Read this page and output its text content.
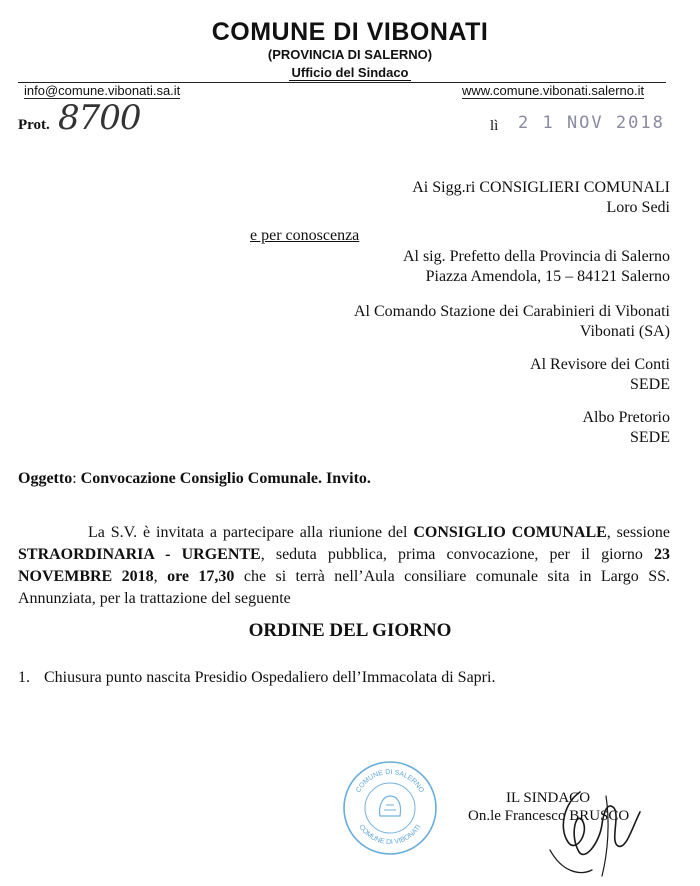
COMUNE DI VIBONATI
(PROVINCIA DI SALERNO)
Ufficio del Sindaco
info@comune.vibonati.sa.it	www.comune.vibonati.salerno.it
Prot. 8700	lì 2 1 NOV 2018
Ai Sigg.ri CONSIGLIERI COMUNALI
Loro Sedi
e per conoscenza
Al sig. Prefetto della Provincia di Salerno
Piazza Amendola, 15 – 84121 Salerno
Al Comando Stazione dei Carabinieri di Vibonati
Vibonati (SA)
Al Revisore dei Conti
SEDE
Albo Pretorio
SEDE
Oggetto: Convocazione Consiglio Comunale. Invito.
La S.V. è invitata a partecipare alla riunione del CONSIGLIO COMUNALE, sessione STRAORDINARIA - URGENTE, seduta pubblica, prima convocazione, per il giorno 23 NOVEMBRE 2018, ore 17,30 che si terrà nell’Aula consiliare comunale sita in Largo SS. Annunziata, per la trattazione del seguente
ORDINE DEL GIORNO
1. Chiusura punto nascita Presidio Ospedaliero dell’Immacolata di Sapri.
COMUNE DI SALERNO
COMUNE DI VIBONATI
IL SINDACO
On.le Francesco BRUSCO
